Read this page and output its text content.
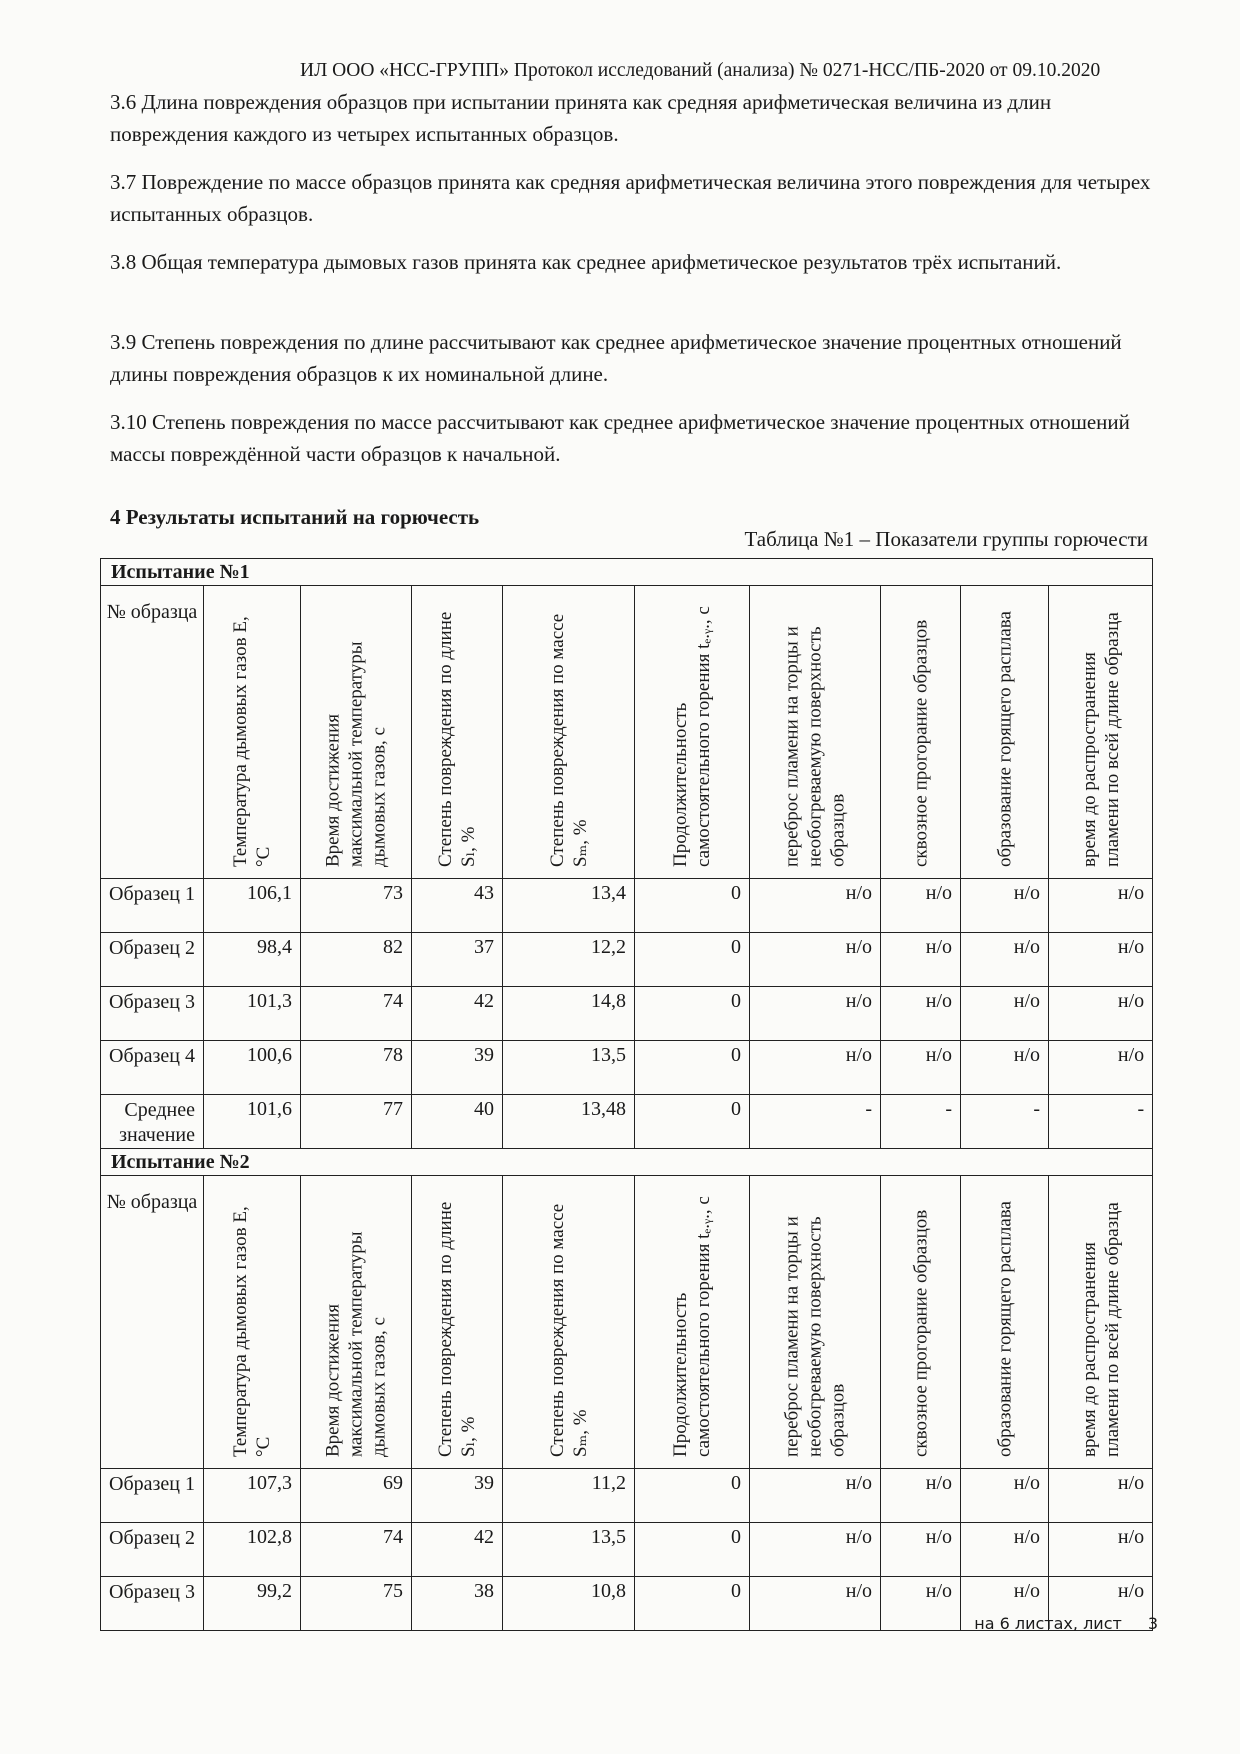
ИЛ ООО «НСС-ГРУПП» Протокол исследований (анализа) № 0271-НСС/ПБ-2020 от 09.10.2020
3.6 Длина повреждения образцов при испытании принята как средняя арифметическая величина из длин повреждения каждого из четырех испытанных образцов.
3.7 Повреждение по массе образцов принята как средняя арифметическая величина этого повреждения для четырех испытанных образцов.
3.8 Общая температура дымовых газов принята как среднее арифметическое результатов трёх испытаний.
3.9 Степень повреждения по длине рассчитывают как среднее арифметическое значение процентных отношений длины повреждения образцов к их номинальной длине.
3.10 Степень повреждения по массе рассчитывают как среднее арифметическое значение процентных отношений массы повреждённой части образцов к начальной.
4 Результаты испытаний на горючесть
Таблица №1 – Показатели группы горючести
Испытание №1									

№ образца	Температура дымовых газов E, °С	Время достижения максимальной температуры дымовых газов, с	Степень повреждения по длине Sₗ, %	Степень повреждения по массе Sₘ, %	Продолжительность самостоятельного горения tₑ.ᵧ., с	переброс пламени на торцы и необогреваемую поверхность образцов	сквозное прогорание образцов	образование горящего расплава	время до распространения пламени по всей длине образца

Образец 1	106,1	73	43	13,4	0	н/о	н/о	н/о	н/о
Образец 2	98,4	82	37	12,2	0	н/о	н/о	н/о	н/о
Образец 3	101,3	74	42	14,8	0	н/о	н/о	н/о	н/о
Образец 4	100,6	78	39	13,5	0	н/о	н/о	н/о	н/о
Среднее значение	101,6	77	40	13,48	0	-	-	-	-
Испытание №2									

№ образца	Температура дымовых газов E, °С	Время достижения максимальной температуры дымовых газов, с	Степень повреждения по длине Sₗ, %	Степень повреждения по массе Sₘ, %	Продолжительность самостоятельного горения tₑ.ᵧ., с	переброс пламени на торцы и необогреваемую поверхность образцов	сквозное прогорание образцов	образование горящего расплава	время до распространения пламени по всей длине образца

Образец 1	107,3	69	39	11,2	0	н/о	н/о	н/о	н/о
Образец 2	102,8	74	42	13,5	0	н/о	н/о	н/о	н/о
Образец 3	99,2	75	38	10,8	0	н/о	н/о	н/о	н/о
на 6 листах, лист 3
